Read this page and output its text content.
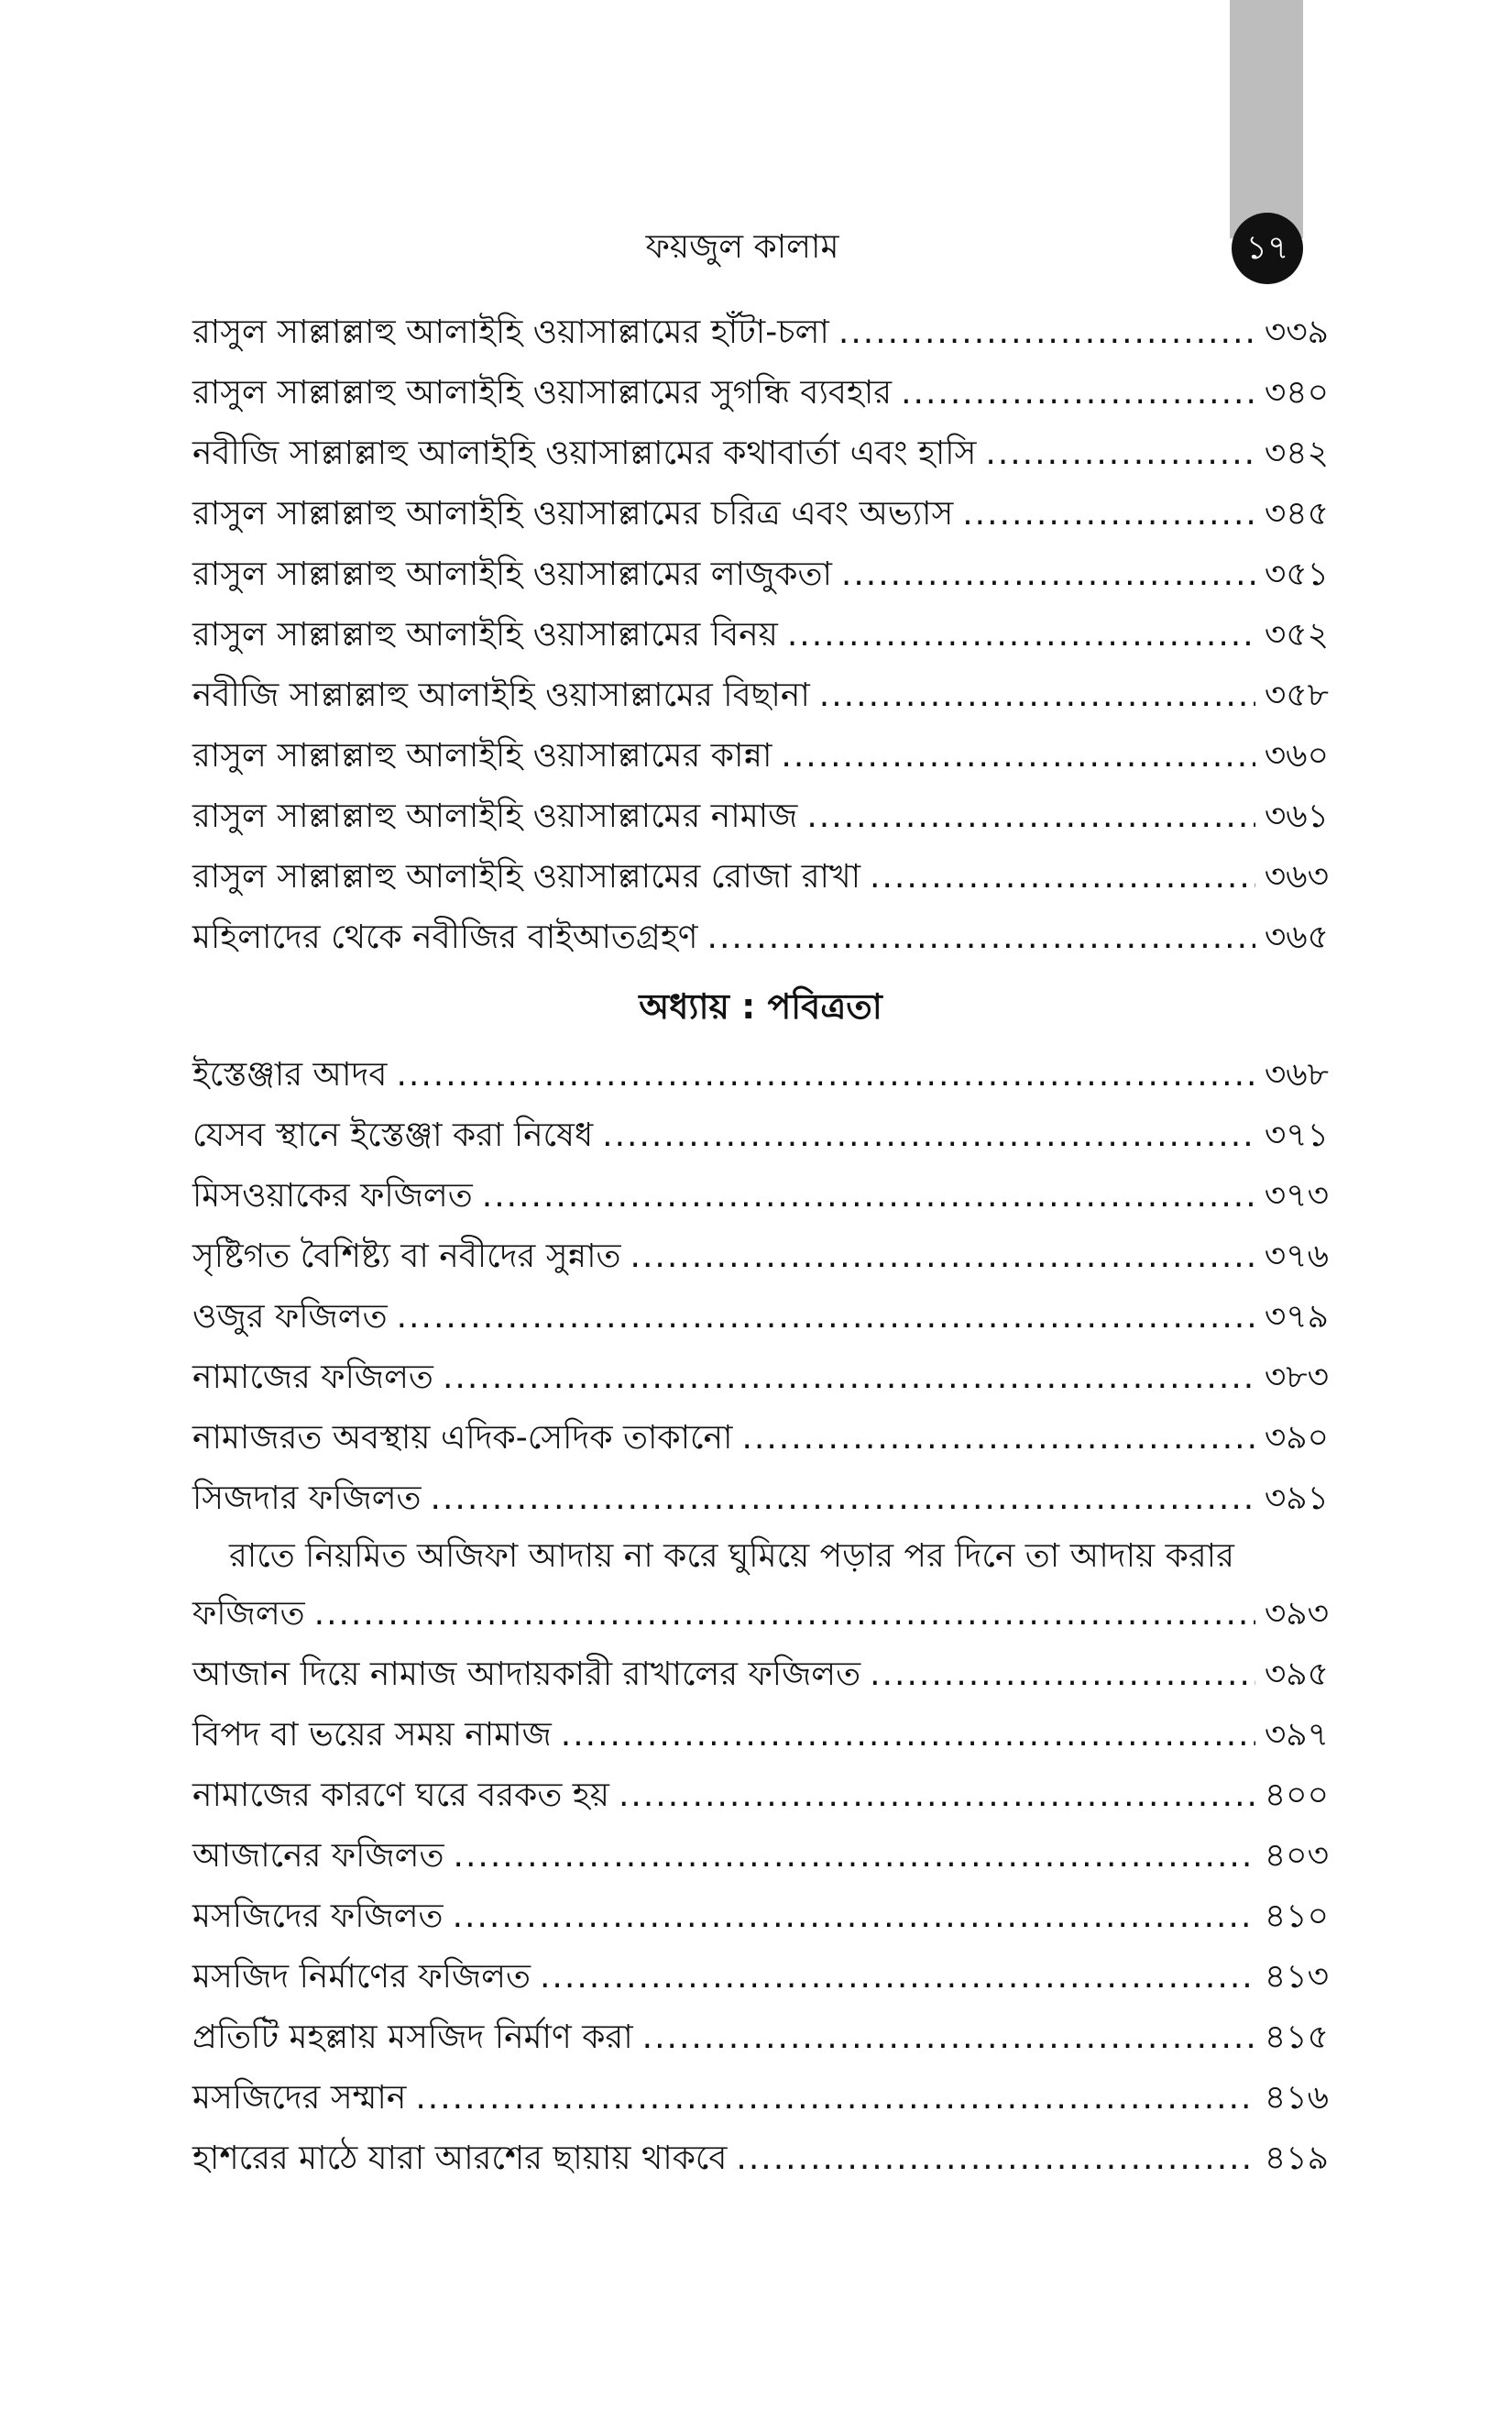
ফয়জুল কালাম	১৭
রাসুল সাল্লাল্লাহু আলাইহি ওয়াসাল্লামের হাঁটা-চলা .....	৩৩৯
রাসুল সাল্লাল্লাহু আলাইহি ওয়াসাল্লামের সুগন্ধি ব্যবহার .....	৩৪০
নবীজি সাল্লাল্লাহু আলাইহি ওয়াসাল্লামের কথাবার্তা এবং হাসি .....	৩৪২
রাসুল সাল্লাল্লাহু আলাইহি ওয়াসাল্লামের চরিত্র এবং অভ্যাস .....	৩৪৫
রাসুল সাল্লাল্লাহু আলাইহি ওয়াসাল্লামের লাজুকতা .....	৩৫১
রাসুল সাল্লাল্লাহু আলাইহি ওয়াসাল্লামের বিনয় .....	৩৫২
নবীজি সাল্লাল্লাহু আলাইহি ওয়াসাল্লামের বিছানা .....	৩৫৮
রাসুল সাল্লাল্লাহু আলাইহি ওয়াসাল্লামের কান্না .....	৩৬০
রাসুল সাল্লাল্লাহু আলাইহি ওয়াসাল্লামের নামাজ .....	৩৬১
রাসুল সাল্লাল্লাহু আলাইহি ওয়াসাল্লামের রোজা রাখা .....	৩৬৩
মহিলাদের থেকে নবীজির বাইআতগ্রহণ .....	৩৬৫
অধ্যায় : পবিত্রতা
ইস্তেঞ্জার আদব .....	৩৬৮
যেসব স্থানে ইস্তেঞ্জা করা নিষেধ .....	৩৭১
মিসওয়াকের ফজিলত .....	৩৭৩
সৃষ্টিগত বৈশিষ্ট্য বা নবীদের সুন্নাত .....	৩৭৬
ওজুর ফজিলত .....	৩৭৯
নামাজের ফজিলত .....	৩৮৩
নামাজরত অবস্থায় এদিক-সেদিক তাকানো .....	৩৯০
সিজদার ফজিলত .....	৩৯১
রাতে নিয়মিত অজিফা আদায় না করে ঘুমিয়ে পড়ার পর দিনে তা আদায় করার
ফজিলত .....	৩৯৩
আজান দিয়ে নামাজ আদায়কারী রাখালের ফজিলত .....	৩৯৫
বিপদ বা ভয়ের সময় নামাজ .....	৩৯৭
নামাজের কারণে ঘরে বরকত হয় .....	৪০০
আজানের ফজিলত .....	৪০৩
মসজিদের ফজিলত .....	৪১০
মসজিদ নির্মাণের ফজিলত .....	৪১৩
প্রতিটি মহল্লায় মসজিদ নির্মাণ করা .....	৪১৫
মসজিদের সম্মান .....	৪১৬
হাশরের মাঠে যারা আরশের ছায়ায় থাকবে .....	৪১৯
